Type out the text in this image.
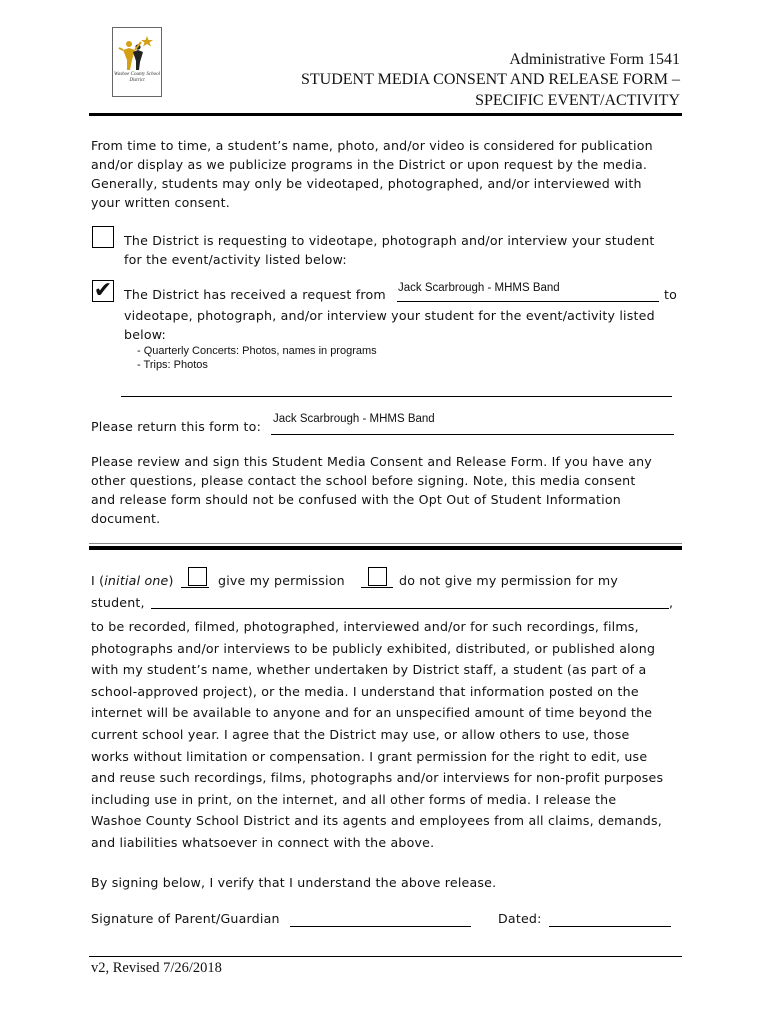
Washoe County School District
Administrative Form 1541
STUDENT MEDIA CONSENT AND RELEASE FORM –
SPECIFIC EVENT/ACTIVITY
From time to time, a student’s name, photo, and/or video is considered for publication
and/or display as we publicize programs in the District or upon request by the media.
Generally, students may only be videotaped, photographed, and/or interviewed with
your written consent.
The District is requesting to videotape, photograph and/or interview your student
for the event/activity listed below:
✔ The District has received a request from Jack Scarbrough - MHMS Band	to
videotape, photograph, and/or interview your student for the event/activity listed
below:
- Quarterly Concerts: Photos, names in programs
- Trips: Photos
Please return this form to: Jack Scarbrough - MHMS Band
Please review and sign this Student Media Consent and Release Form. If you have any
other questions, please contact the school before signing. Note, this media consent
and release form should not be confused with the Opt Out of Student Information
document.
I (initial one)	give my permission	do not give my permission for my
student,	,
to be recorded, filmed, photographed, interviewed and/or for such recordings, films,
photographs and/or interviews to be publicly exhibited, distributed, or published along
with my student’s name, whether undertaken by District staff, a student (as part of a
school-approved project), or the media. I understand that information posted on the
internet will be available to anyone and for an unspecified amount of time beyond the
current school year. I agree that the District may use, or allow others to use, those
works without limitation or compensation. I grant permission for the right to edit, use
and reuse such recordings, films, photographs and/or interviews for non-profit purposes
including use in print, on the internet, and all other forms of media. I release the
Washoe County School District and its agents and employees from all claims, demands,
and liabilities whatsoever in connect with the above.
By signing below, I verify that I understand the above release.
Signature of Parent/Guardian	Dated:
v2, Revised 7/26/2018
